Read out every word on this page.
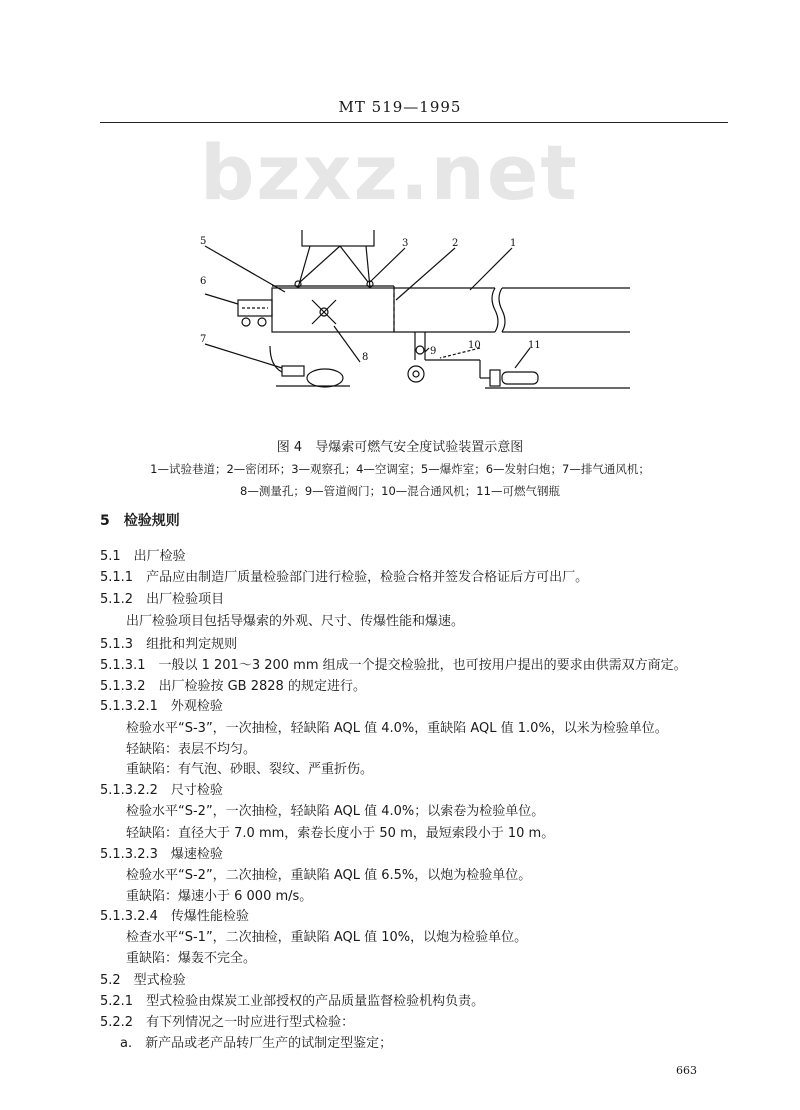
MT 519—1995
bzxz.net
5	3	2	1
6
7
8
9
10	11
图 4　导爆索可燃气安全度试验装置示意图
1—试验巷道；2—密闭环；3—观察孔；4—空调室；5—爆炸室；6—发射臼炮；7—排气通风机；
8—测量孔；9—管道阀门；10—混合通风机；11—可燃气钢瓶
5　检验规则
5.1　出厂检验
5.1.1　产品应由制造厂质量检验部门进行检验，检验合格并签发合格证后方可出厂。
5.1.2　出厂检验项目
出厂检验项目包括导爆索的外观、尺寸、传爆性能和爆速。
5.1.3　组批和判定规则
5.1.3.1　一般以 1 201～3 200 mm 组成一个提交检验批，也可按用户提出的要求由供需双方商定。
5.1.3.2　出厂检验按 GB 2828 的规定进行。
5.1.3.2.1　外观检验
检验水平“S-3”，一次抽检，轻缺陷 AQL 值 4.0%，重缺陷 AQL 值 1.0%，以米为检验单位。
轻缺陷：表层不均匀。
重缺陷：有气泡、砂眼、裂纹、严重折伤。
5.1.3.2.2　尺寸检验
检验水平“S-2”，一次抽检，轻缺陷 AQL 值 4.0%；以索卷为检验单位。
轻缺陷：直径大于 7.0 mm，索卷长度小于 50 m，最短索段小于 10 m。
5.1.3.2.3　爆速检验
检验水平“S-2”，二次抽检，重缺陷 AQL 值 6.5%，以炮为检验单位。
重缺陷：爆速小于 6 000 m/s。
5.1.3.2.4　传爆性能检验
检查水平“S-1”，二次抽检，重缺陷 AQL 值 10%，以炮为检验单位。
重缺陷：爆轰不完全。
5.2　型式检验
5.2.1　型式检验由煤炭工业部授权的产品质量监督检验机构负责。
5.2.2　有下列情况之一时应进行型式检验：
a.　新产品或老产品转厂生产的试制定型鉴定；
663
